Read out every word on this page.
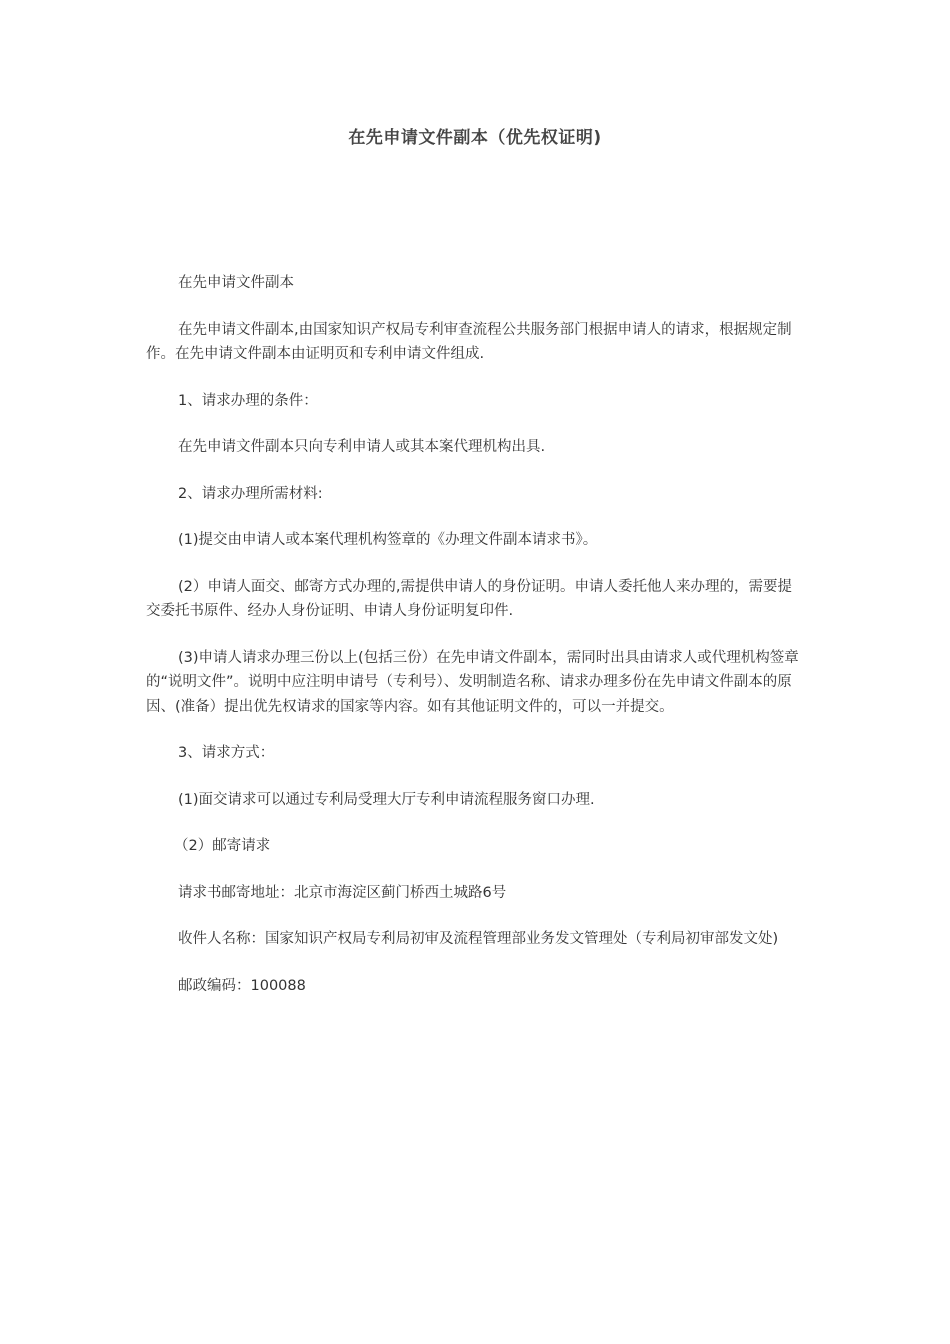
在先申请文件副本（优先权证明)

在先申请文件副本

在先申请文件副本,由国家知识产权局专利审查流程公共服务部门根据申请人的请求，根据规定制作。在先申请文件副本由证明页和专利申请文件组成.

1、请求办理的条件：

在先申请文件副本只向专利申请人或其本案代理机构出具.

2、请求办理所需材料:

(1)提交由申请人或本案代理机构签章的《办理文件副本请求书》。

(2）申请人面交、邮寄方式办理的,需提供申请人的身份证明。申请人委托他人来办理的，需要提交委托书原件、经办人身份证明、申请人身份证明复印件.

(3)申请人请求办理三份以上(包括三份）在先申请文件副本，需同时出具由请求人或代理机构签章的“说明文件”。说明中应注明申请号（专利号）、发明制造名称、请求办理多份在先申请文件副本的原因、(准备）提出优先权请求的国家等内容。如有其他证明文件的，可以一并提交。

3、请求方式：

(1)面交请求可以通过专利局受理大厅专利申请流程服务窗口办理.

（2）邮寄请求

请求书邮寄地址：北京市海淀区蓟门桥西土城路6号

收件人名称：国家知识产权局专利局初审及流程管理部业务发文管理处（专利局初审部发文处)

邮政编码：100088
